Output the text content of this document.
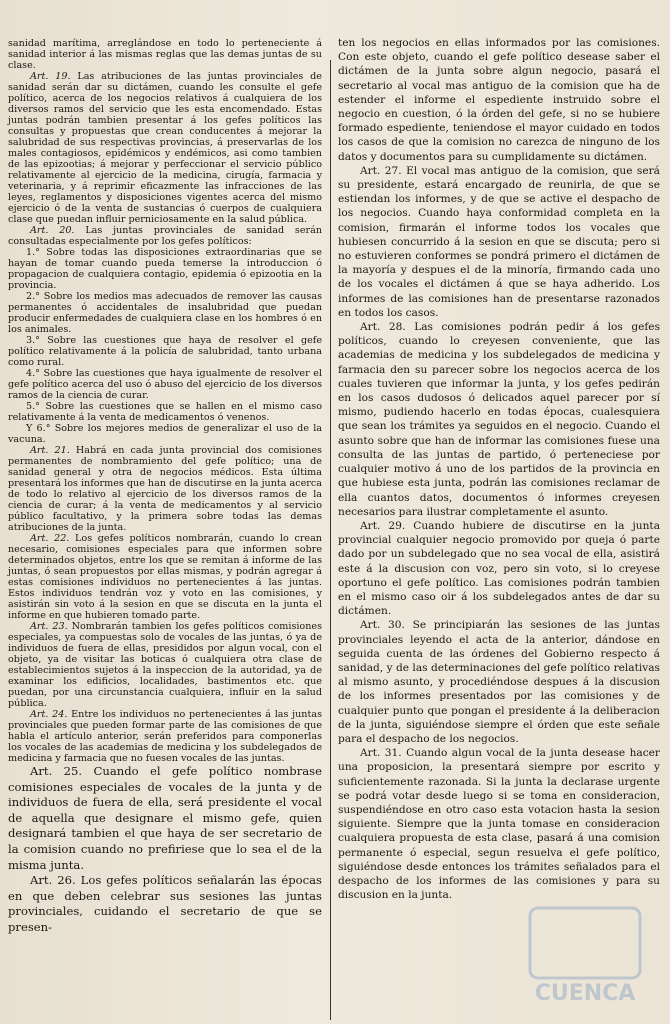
sanidad marítima, arreglándose en todo lo perteneciente á sanidad interior á las mismas reglas que las demas juntas de su clase.

Art. 19. Las atribuciones de las juntas provinciales de sanidad serán dar su dictámen, cuando les consulte el gefe político, acerca de los negocios relativos á cualquiera de los diversos ramos del servicio que les esta encomendado. Estas juntas podrán tambien presentar á los gefes políticos las consultas y propuestas que crean conducentes á mejorar la salubridad de sus respectivas provincias, á preservarlas de los males contagiosos, epidémicos y endémicos, asi como tambien de las epizootias; á mejorar y perfeccionar el servicio público relativamente al ejercicio de la medicina, cirugía, farmacia y veterinaria, y á reprimir eficazmente las infracciones de las leyes, reglamentos y disposiciones vigentes acerca del mismo ejercicio ó de la venta de sustancias ó cuerpos de cualquiera clase que puedan influir perniciosamente en la salud pública.

Art. 20. Las juntas provinciales de sanidad serán consultadas especialmente por los gefes políticos:

1.° Sobre todas las disposiciones extraordinarias que se hayan de tomar cuando pueda temerse la introduccion ó propagacion de cualquiera contagio, epidemia ó epizootia en la provincia.

2.° Sobre los medios mas adecuados de remover las causas permanentes ó accidentales de insalubridad que puedan producir enfermedades de cualquiera clase en los hombres ó en los animales.

3.° Sobre las cuestiones que haya de resolver el gefe político relativamente á la policía de salubridad, tanto urbana como rural.

4.° Sobre las cuestiones que haya igualmente de resolver el gefe político acerca del uso ó abuso del ejercicio de los diversos ramos de la ciencia de curar.

5.° Sobre las cuestiones que se hallen en el mismo caso relativamente á la venta de medicamentos ó venenos.

Y 6.° Sobre los mejores medios de generalizar el uso de la vacuna.

Art. 21. Habrá en cada junta provincial dos comisiones permanentes de nombramiento del gefe político; una de sanidad general y otra de negocios médicos. Esta última presentará los informes que han de discutirse en la junta acerca de todo lo relativo al ejercicio de los diversos ramos de la ciencia de curar; á la venta de medicamentos y al servicio público facultativo, y la primera sobre todas las demas atribuciones de la junta.

Art. 22. Los gefes políticos nombrarán, cuando lo crean necesario, comisiones especiales para que informen sobre determinados objetos, entre los que se remitan á informe de las juntas, ó sean propuestos por ellas mismas, y podrán agregar á estas comisiones individuos no pertenecientes á las juntas. Estos individuos tendrán voz y voto en las comisiones, y asistirán sin voto á la sesion en que se discuta en la junta el informe en que hubieren tomado parte.

Art. 23. Nombrarán tambien los gefes políticos comisiones especiales, ya compuestas solo de vocales de las juntas, ó ya de individuos de fuera de ellas, presididos por algun vocal, con el objeto, ya de visitar las boticas ó cualquiera otra clase de establecimientos sujetos á la inspeccion de la autoridad, ya de examinar los edificios, localidades, bastimentos etc. que puedan, por una circunstancia cualquiera, influir en la salud pública.

Art. 24. Entre los individuos no pertenecientes á las juntas provinciales que pueden formar parte de las comisiones de que habla el artículo anterior, serán preferidos para componerlas los vocales de las academias de medicina y los subdelegados de medicina y farmacia que no fuesen vocales de las juntas.

Art. 25. Cuando el gefe político nombrase comisiones especiales de vocales de la junta y de individuos de fuera de ella, será presidente el vocal de aquella que designare el mismo gefe, quien designará tambien el que haya de ser secretario de la comision cuando no prefiriese que lo sea el de la misma junta.

Art. 26. Los gefes políticos señalarán las épocas en que deben celebrar sus sesiones las juntas provinciales, cuidando el secretario de que se presen-

ten los negocios en ellas informados por las comisiones. Con este objeto, cuando el gefe político desease saber el dictámen de la junta sobre algun negocio, pasará el secretario al vocal mas antiguo de la comision que ha de estender el informe el espediente instruido sobre el negocio en cuestion, ó la órden del gefe, si no se hubiere formado espediente, teniendose el mayor cuidado en todos los casos de que la comision no carezca de ninguno de los datos y documentos para su cumplidamente su dictámen.

Art. 27. El vocal mas antiguo de la comision, que será su presidente, estará encargado de reunirla, de que se estiendan los informes, y de que se active el despacho de los negocios. Cuando haya conformidad completa en la comision, firmarán el informe todos los vocales que hubiesen concurrido á la sesion en que se discuta; pero si no estuvieren conformes se pondrá primero el dictámen de la mayoría y despues el de la minoría, firmando cada uno de los vocales el dictámen á que se haya adherido. Los informes de las comisiones han de presentarse razonados en todos los casos.

Art. 28. Las comisiones podrán pedir á los gefes políticos, cuando lo creyesen conveniente, que las academias de medicina y los subdelegados de medicina y farmacia den su parecer sobre los negocios acerca de los cuales tuvieren que informar la junta, y los gefes pedirán en los casos dudosos ó delicados aquel parecer por sí mismo, pudiendo hacerlo en todas épocas, cualesquiera que sean los trámites ya seguidos en el negocio. Cuando el asunto sobre que han de informar las comisiones fuese una consulta de las juntas de partido, ó perteneciese por cualquier motivo á uno de los partidos de la provincia en que hubiese esta junta, podrán las comisiones reclamar de ella cuantos datos, documentos ó informes creyesen necesarios para ilustrar completamente el asunto.

Art. 29. Cuando hubiere de discutirse en la junta provincial cualquier negocio promovido por queja ó parte dado por un subdelegado que no sea vocal de ella, asistirá este á la discusion con voz, pero sin voto, si lo creyese oportuno el gefe político. Las comisiones podrán tambien en el mismo caso oir á los subdelegados antes de dar su dictámen.

Art. 30. Se principiarán las sesiones de las juntas provinciales leyendo el acta de la anterior, dándose en seguida cuenta de las órdenes del Gobierno respecto á sanidad, y de las determinaciones del gefe político relativas al mismo asunto, y procediéndose despues á la discusion de los informes presentados por las comisiones y de cualquier punto que pongan el presidente á la deliberacion de la junta, siguiéndose siempre el órden que este señale para el despacho de los negocios.

Art. 31. Cuando algun vocal de la junta desease hacer una proposicion, la presentará siempre por escrito y suficientemente razonada. Si la junta la declarase urgente se podrá votar desde luego si se toma en consideracion, suspendiéndose en otro caso esta votacion hasta la sesion siguiente. Siempre que la junta tomase en consideracion cualquiera propuesta de esta clase, pasará á una comision permanente ó especial, segun resuelva el gefe político, siguiéndose desde entonces los trámites señalados para el despacho de los informes de las comisiones y para su discusion en la junta.

CUENCA
